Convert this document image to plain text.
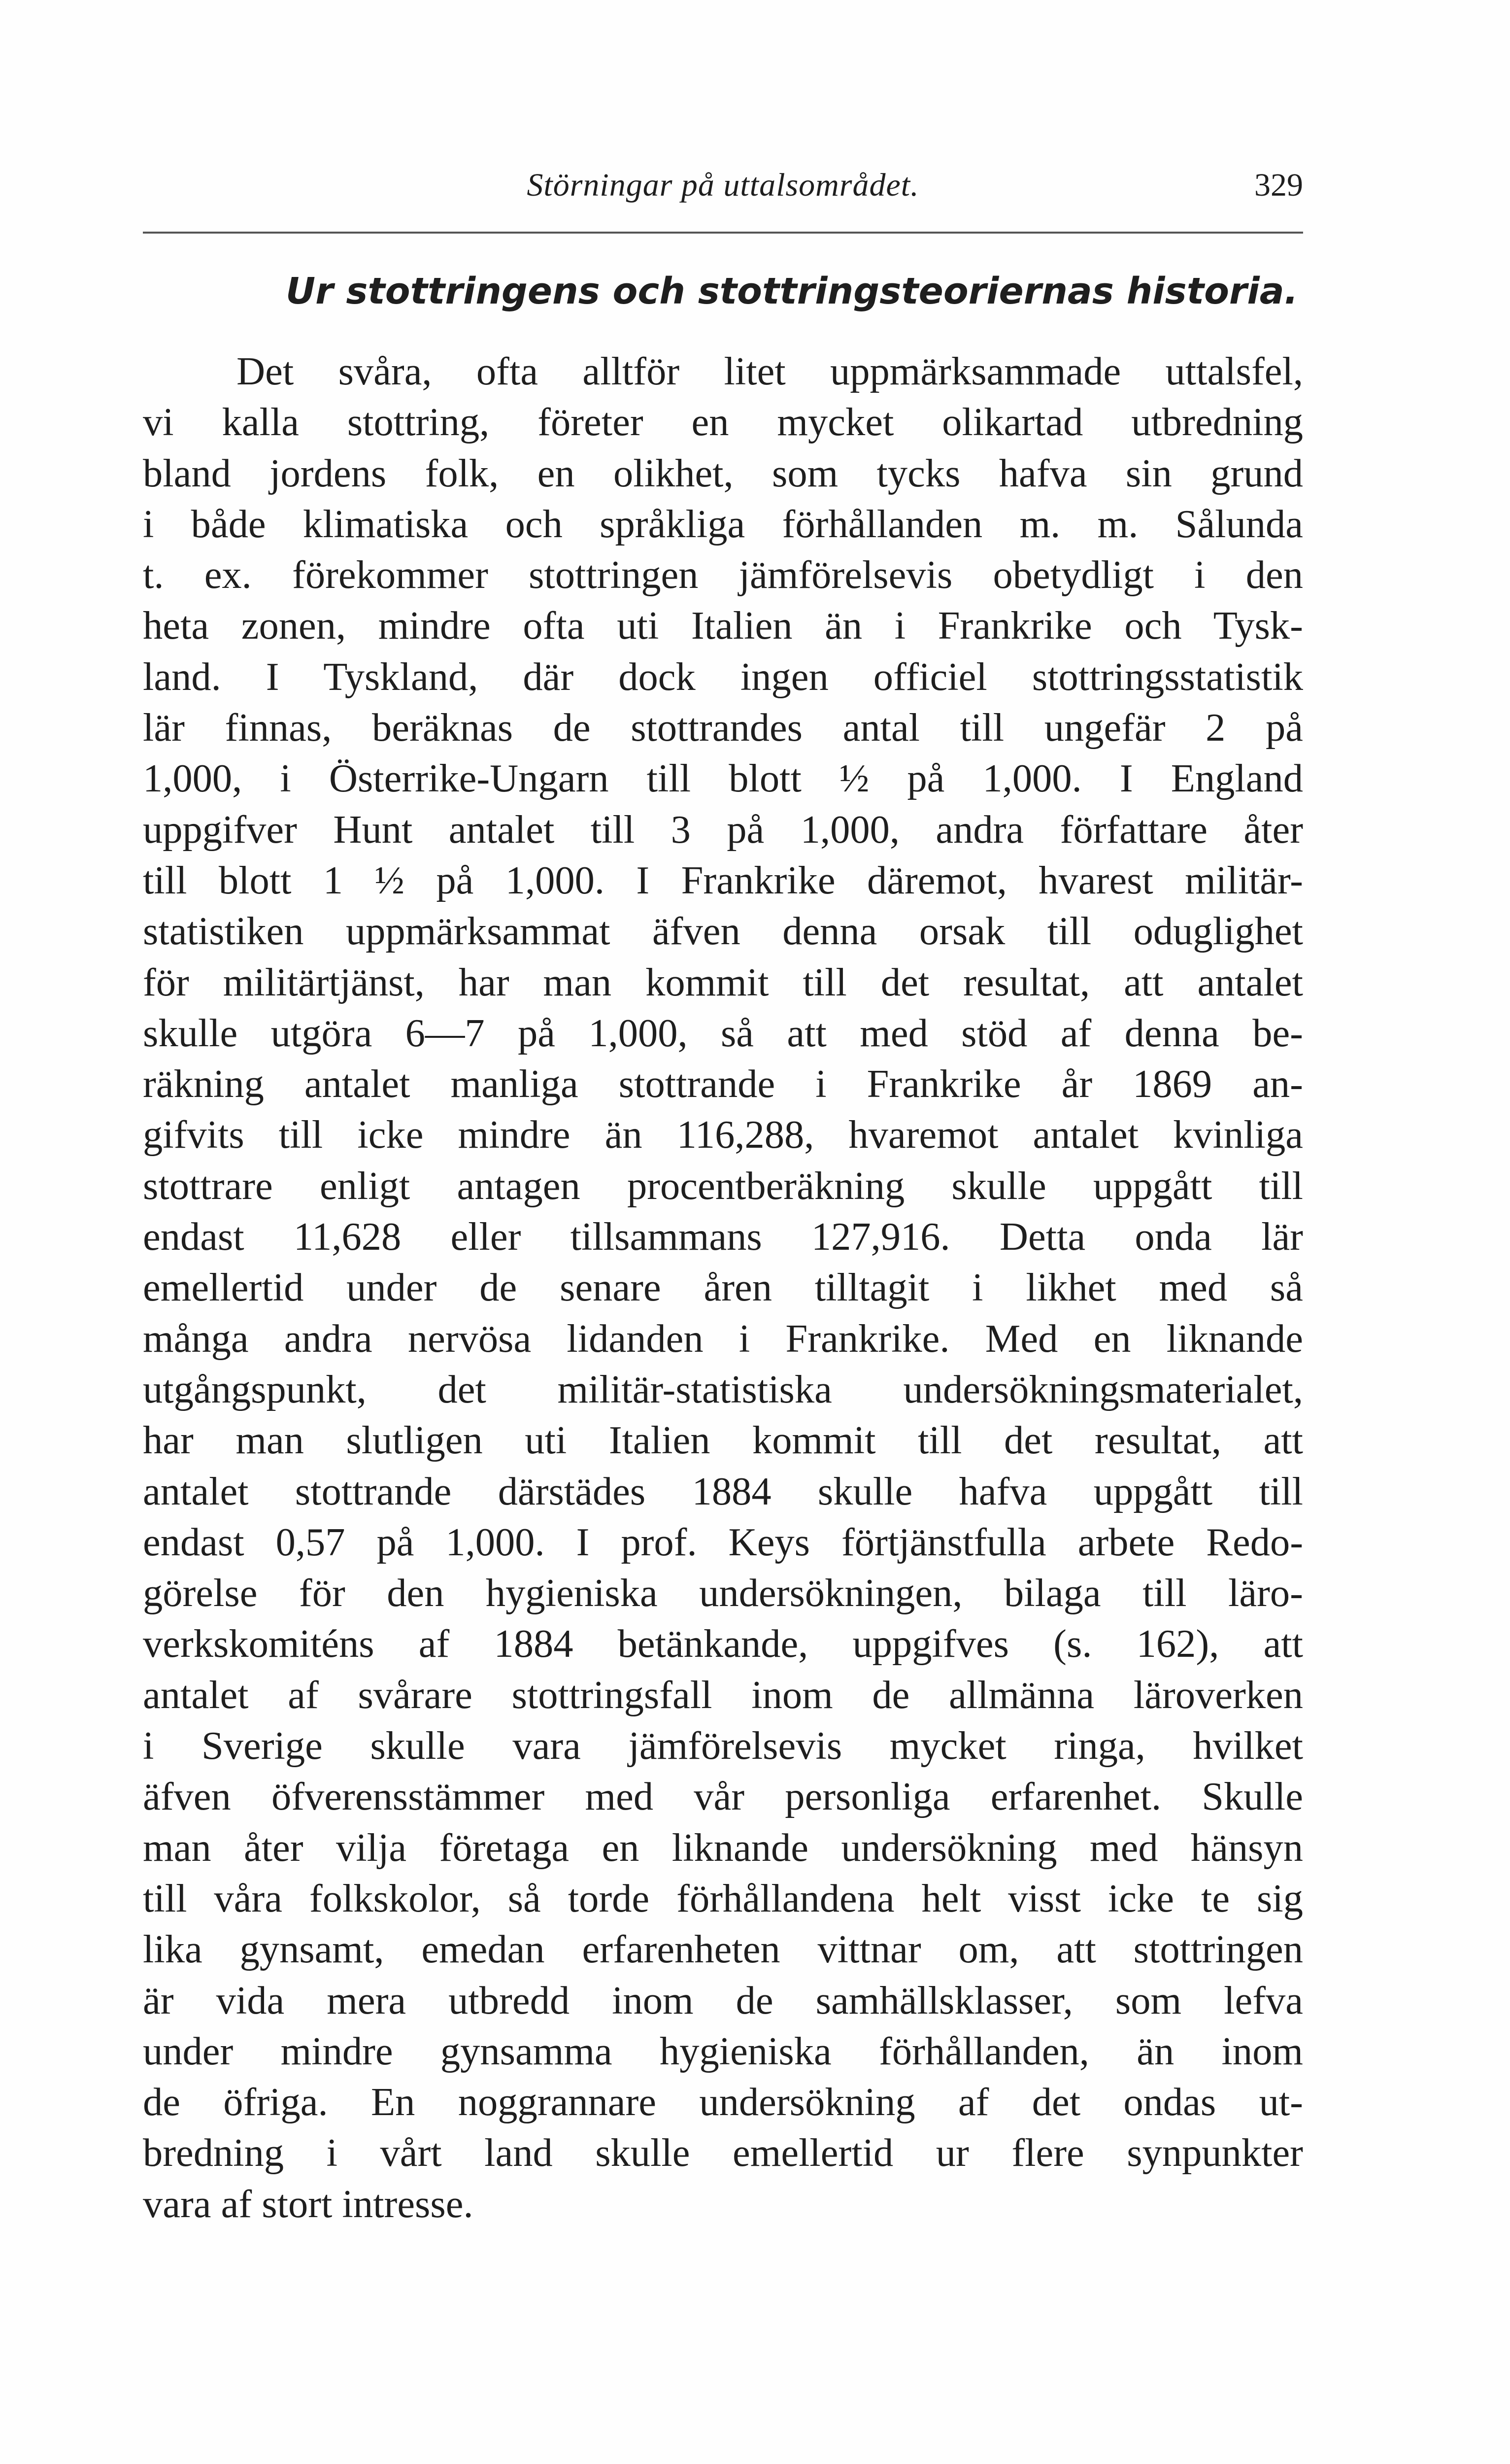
Störningar på uttalsområdet.	329
Ur stottringens och stottringsteoriernas historia.

Det svåra, ofta alltför litet uppmärksammade uttalsfel,
vi kalla stottring, företer en mycket olikartad utbredning
bland jordens folk, en olikhet, som tycks hafva sin grund
i både klimatiska och språkliga förhållanden m. m. Sålunda
t. ex. förekommer stottringen jämförelsevis obetydligt i den
heta zonen, mindre ofta uti Italien än i Frankrike och Tysk-
land. I Tyskland, där dock ingen officiel stottringsstatistik
lär finnas, beräknas de stottrandes antal till ungefär 2 på
1,000, i Österrike-Ungarn till blott ½ på 1,000. I England
uppgifver Hunt antalet till 3 på 1,000, andra författare åter
till blott 1 ½ på 1,000. I Frankrike däremot, hvarest militär-
statistiken uppmärksammat äfven denna orsak till oduglighet
för militärtjänst, har man kommit till det resultat, att antalet
skulle utgöra 6—7 på 1,000, så att med stöd af denna be-
räkning antalet manliga stottrande i Frankrike år 1869 an-
gifvits till icke mindre än 116,288, hvaremot antalet kvinliga
stottrare enligt antagen procentberäkning skulle uppgått till
endast 11,628 eller tillsammans 127,916. Detta onda lär
emellertid under de senare åren tilltagit i likhet med så
många andra nervösa lidanden i Frankrike. Med en liknande
utgångspunkt, det militär-statistiska undersökningsmaterialet,
har man slutligen uti Italien kommit till det resultat, att
antalet stottrande därstädes 1884 skulle hafva uppgått till
endast 0,57 på 1,000. I prof. Keys förtjänstfulla arbete Redo-
görelse för den hygieniska undersökningen, bilaga till läro-
verkskomiténs af 1884 betänkande, uppgifves (s. 162), att
antalet af svårare stottringsfall inom de allmänna läroverken
i Sverige skulle vara jämförelsevis mycket ringa, hvilket
äfven öfverensstämmer med vår personliga erfarenhet. Skulle
man åter vilja företaga en liknande undersökning med hänsyn
till våra folkskolor, så torde förhållandena helt visst icke te sig
lika gynsamt, emedan erfarenheten vittnar om, att stottringen
är vida mera utbredd inom de samhällsklasser, som lefva
under mindre gynsamma hygieniska förhållanden, än inom
de öfriga. En noggrannare undersökning af det ondas ut-
bredning i vårt land skulle emellertid ur flere synpunkter
vara af stort intresse.
